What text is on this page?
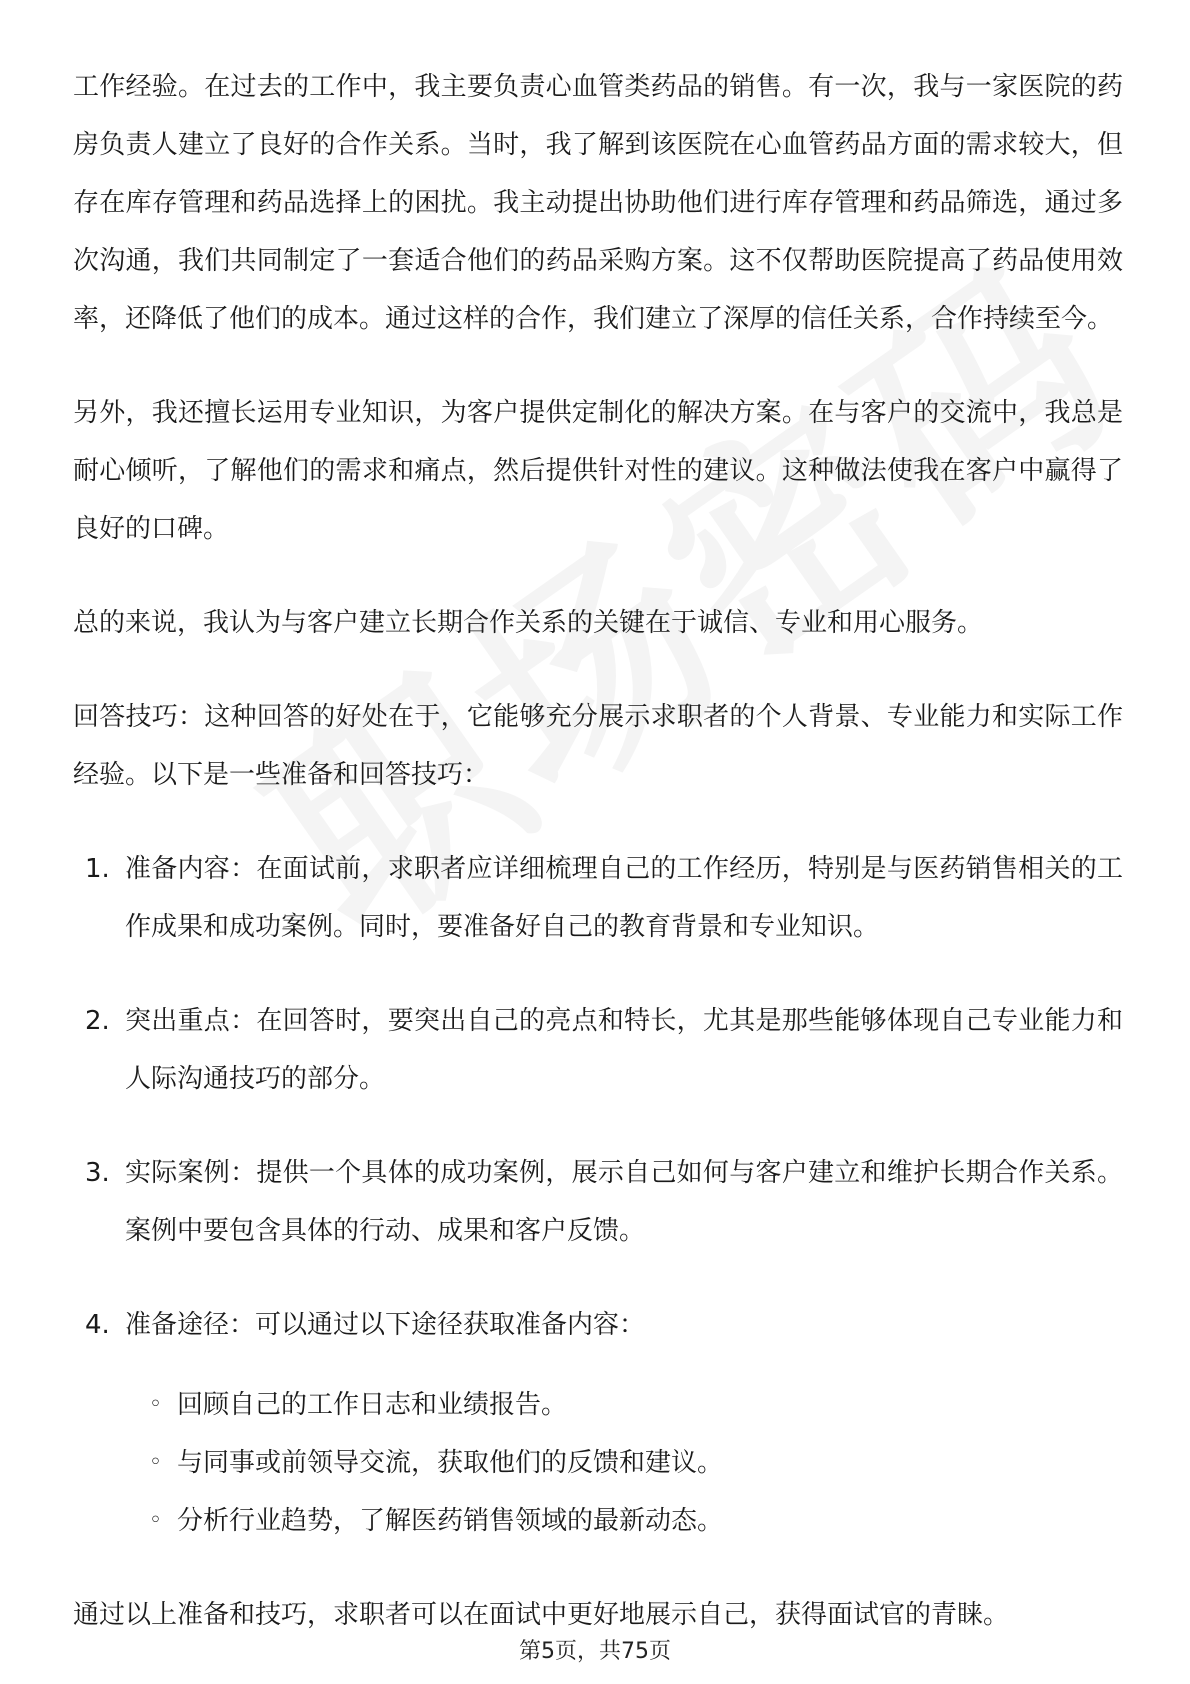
工作经验。在过去的工作中，我主要负责心血管类药品的销售。有一次，我与一家医院的药房负责人建立了良好的合作关系。当时，我了解到该医院在心血管药品方面的需求较大，但存在库存管理和药品选择上的困扰。我主动提出协助他们进行库存管理和药品筛选，通过多次沟通，我们共同制定了一套适合他们的药品采购方案。这不仅帮助医院提高了药品使用效率，还降低了他们的成本。通过这样的合作，我们建立了深厚的信任关系，合作持续至今。

另外，我还擅长运用专业知识，为客户提供定制化的解决方案。在与客户的交流中，我总是耐心倾听，了解他们的需求和痛点，然后提供针对性的建议。这种做法使我在客户中赢得了良好的口碑。

总的来说，我认为与客户建立长期合作关系的关键在于诚信、专业和用心服务。

回答技巧：这种回答的好处在于，它能够充分展示求职者的个人背景、专业能力和实际工作经验。以下是一些准备和回答技巧：

1. 准备内容：在面试前，求职者应详细梳理自己的工作经历，特别是与医药销售相关的工作成果和成功案例。同时，要准备好自己的教育背景和专业知识。
2. 突出重点：在回答时，要突出自己的亮点和特长，尤其是那些能够体现自己专业能力和人际沟通技巧的部分。
3. 实际案例：提供一个具体的成功案例，展示自己如何与客户建立和维护长期合作关系。案例中要包含具体的行动、成果和客户反馈。
4. 准备途径：可以通过以下途径获取准备内容：
◦ 回顾自己的工作日志和业绩报告。
◦ 与同事或前领导交流，获取他们的反馈和建议。
◦ 分析行业趋势，了解医药销售领域的最新动态。

通过以上准备和技巧，求职者可以在面试中更好地展示自己，获得面试官的青睐。

第5页，共75页
